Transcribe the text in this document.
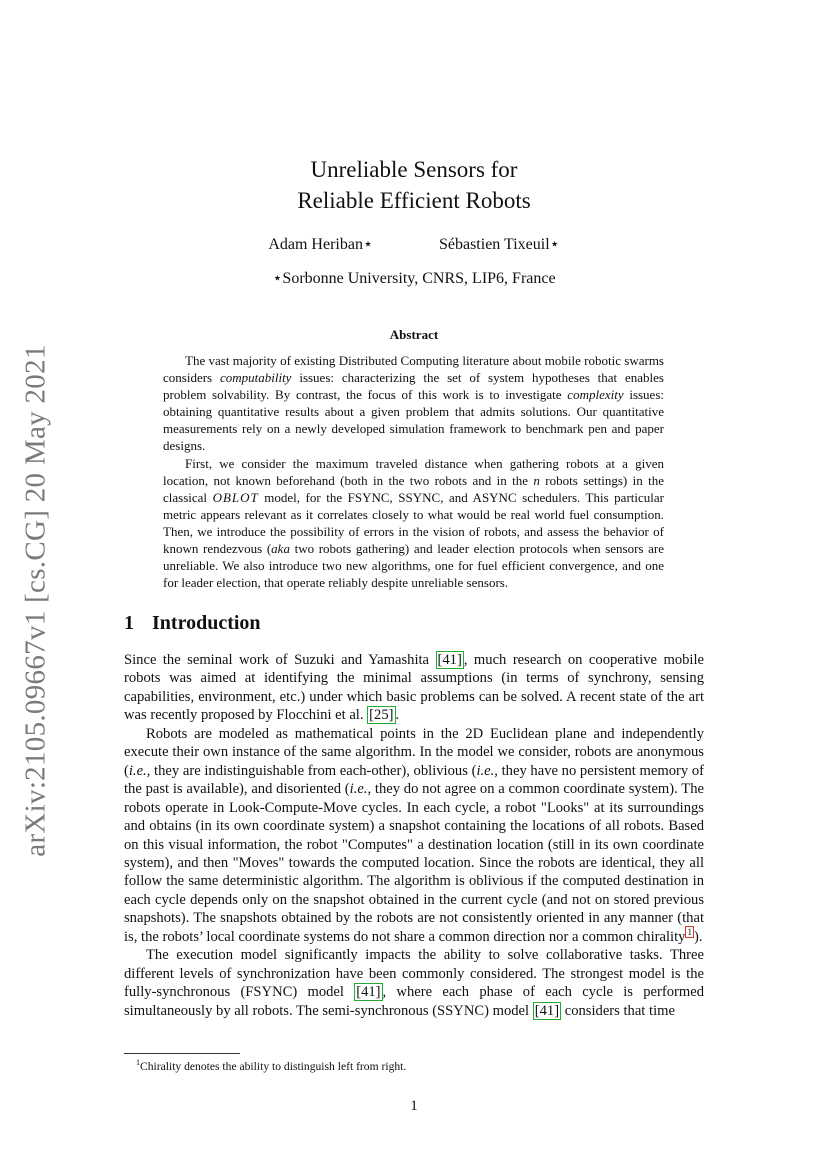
arXiv:2105.09667v1 [cs.CG] 20 May 2021
Unreliable Sensors for
Reliable Efficient Robots
Adam Heriban⋆	Sébastien Tixeuil⋆
⋆Sorbonne University, CNRS, LIP6, France
Abstract

The vast majority of existing Distributed Computing literature about mobile robotic swarms considers computability issues: characterizing the set of system hypotheses that enables problem solvability. By contrast, the focus of this work is to investigate complexity issues: obtaining quantitative results about a given problem that admits solutions. Our quantitative measurements rely on a newly developed simulation framework to benchmark pen and paper designs.

First, we consider the maximum traveled distance when gathering robots at a given location, not known beforehand (both in the two robots and in the n robots settings) in the classical OBLOT model, for the FSYNC, SSYNC, and ASYNC schedulers. This particular metric appears relevant as it correlates closely to what would be real world fuel consumption. Then, we introduce the possibility of errors in the vision of robots, and assess the behavior of known rendezvous (aka two robots gathering) and leader election protocols when sensors are unreliable. We also introduce two new algorithms, one for fuel efficient convergence, and one for leader election, that operate reliably despite unreliable sensors.

1 Introduction

Since the seminal work of Suzuki and Yamashita [41] , much research on cooperative mobile robots was aimed at identifying the minimal assumptions (in terms of synchrony, sensing capabilities, environment, etc.) under which basic problems can be solved. A recent state of the art was recently proposed by Flocchini et al. [25] .

Robots are modeled as mathematical points in the 2D Euclidean plane and independently execute their own instance of the same algorithm. In the model we consider, robots are anonymous (i.e., they are indistinguishable from each-other), oblivious (i.e., they have no persistent memory of the past is available), and disoriented (i.e., they do not agree on a common coordinate system). The robots operate in Look-Compute-Move cycles. In each cycle, a robot "Looks" at its surroundings and obtains (in its own coordinate system) a snapshot containing the locations of all robots. Based on this visual information, the robot "Computes" a destination location (still in its own coordinate system), and then "Moves" towards the computed location. Since the robots are identical, they all follow the same deterministic algorithm. The algorithm is oblivious if the computed destination in each cycle depends only on the snapshot obtained in the current cycle (and not on stored previous snapshots). The snapshots obtained by the robots are not consistently oriented in any manner (that is, the robots’ local coordinate systems do not share a common direction nor a common chirality $^1$ ).

The execution model significantly impacts the ability to solve collaborative tasks. Three different levels of synchronization have been commonly considered. The strongest model is the fully-synchronous (FSYNC) model [41] , where each phase of each cycle is performed simultaneously by all robots. The semi-synchronous (SSYNC) model [41] considers that time

$^1$Chirality denotes the ability to distinguish left from right.
1
